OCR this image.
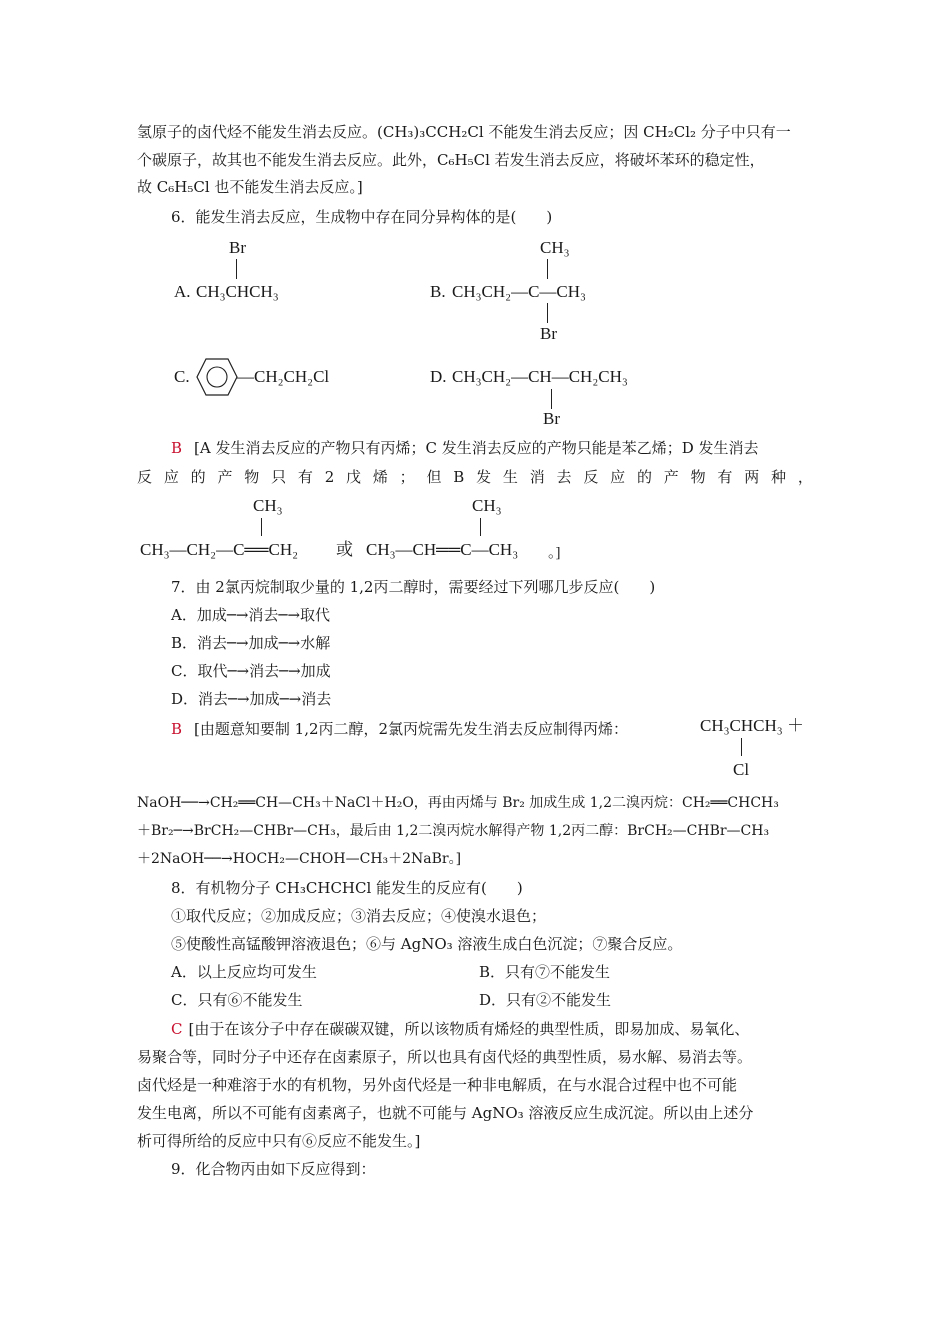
氢原子的卤代烃不能发生消去反应。(CH₃)₃CCH₂Cl 不能发生消去反应；因 CH₂Cl₂ 分子中只有一
个碳原子，故其也不能发生消去反应。此外，C₆H₅Cl 若发生消去反应，将破坏苯环的稳定性，
故 C₆H₅Cl 也不能发生消去反应。]
6．能发生消去反应，生成物中存在同分异构体的是(　　)
Br
A. CH₃CHCH₃
CH₃
B. CH₃CH₂—C—CH₃
Br
C.	—CH₂CH₂Cl	D. CH₃CH₂—CH—CH₂CH₃
Br
B [A 发生消去反应的产物只有丙烯；C 发生消去反应的产物只能是苯乙烯；D 发生消去
反 应 的 产 物 只 有 2 戊 烯 ； 但 B 发 生 消 去 反 应 的 产 物 有 两 种 ，
CH₃
CH₃—CH₂—C══CH₂ 或
CH₃
CH₃—CH══C—CH₃ 。]
7．由 2氯丙烷制取少量的 1,2丙二醇时，需要经过下列哪几步反应(　　)
A．加成─→消去─→取代
B．消去─→加成─→水解
C．取代─→消去─→加成
D．消去─→加成─→消去
B [由题意知要制 1,2丙二醇，2氯丙烷需先发生消去反应制得丙烯：	CH₃CHCH₃ ＋
Cl
NaOH──→CH₂══CH—CH₃＋NaCl＋H₂O，再由丙烯与 Br₂ 加成生成 1,2二溴丙烷：CH₂══CHCH₃
＋Br₂─→BrCH₂—CHBr—CH₃，最后由 1,2二溴丙烷水解得产物 1,2丙二醇：BrCH₂—CHBr—CH₃
＋2NaOH──→HOCH₂—CHOH—CH₃＋2NaBr。]
8．有机物分子 CH₃CHCHCl 能发生的反应有(　　)
①取代反应；②加成反应；③消去反应；④使溴水退色；
⑤使酸性高锰酸钾溶液退色；⑥与 AgNO₃ 溶液生成白色沉淀；⑦聚合反应。
A．以上反应均可发生	B．只有⑦不能发生
C．只有⑥不能发生	D．只有②不能发生
C [由于在该分子中存在碳碳双键，所以该物质有烯烃的典型性质，即易加成、易氧化、
易聚合等，同时分子中还存在卤素原子，所以也具有卤代烃的典型性质，易水解、易消去等。
卤代烃是一种难溶于水的有机物，另外卤代烃是一种非电解质，在与水混合过程中也不可能
发生电离，所以不可能有卤素离子，也就不可能与 AgNO₃ 溶液反应生成沉淀。所以由上述分
析可得所给的反应中只有⑥反应不能发生。]
9．化合物丙由如下反应得到：
